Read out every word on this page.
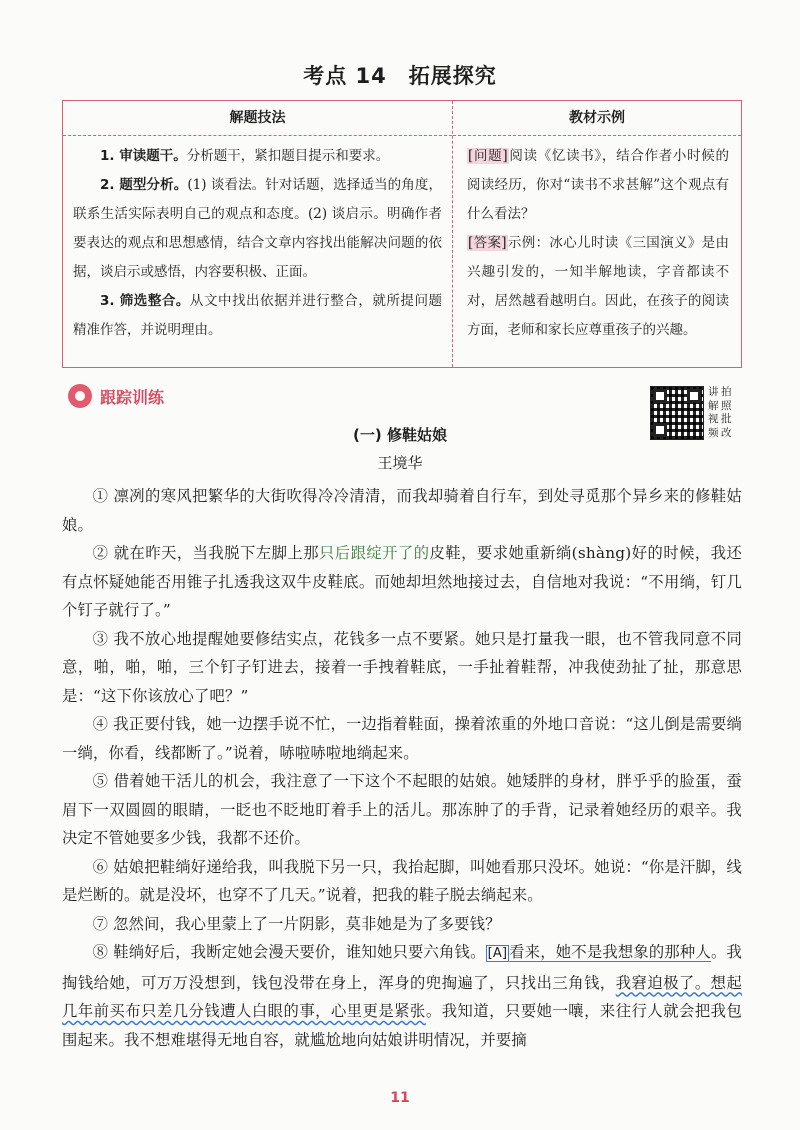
考点 14　拓展探究
解题技法

1. 审读题干。分析题干，紧扣题目提示和要求。

2. 题型分析。(1) 谈看法。针对话题，选择适当的角度，联系生活实际表明自己的观点和态度。(2) 谈启示。明确作者要表达的观点和思想感情，结合文章内容找出能解决问题的依据，谈启示或感悟，内容要积极、正面。

3. 筛选整合。从文中找出依据并进行整合，就所提问题精准作答，并说明理由。

教材示例

[问题]阅读《忆读书》，结合作者小时候的阅读经历，你对“读书不求甚解”这个观点有什么看法？

[答案]示例：冰心儿时读《三国演义》是由兴趣引发的，一知半解地读，字音都读不对，居然越看越明白。因此，在孩子的阅读方面，老师和家长应尊重孩子的兴趣。

跟踪训练	讲 拍
解 照
视 批
频 改
(一) 修鞋姑娘
王境华

① 凛冽的寒风把繁华的大街吹得冷冷清清，而我却骑着自行车，到处寻觅那个异乡来的修鞋姑娘。

② 就在昨天，当我脱下左脚上那只后跟绽开了的皮鞋，要求她重新绱(shàng)好的时候，我还有点怀疑她能否用锥子扎透我这双牛皮鞋底。而她却坦然地接过去，自信地对我说：“不用绱，钉几个钉子就行了。”

③ 我不放心地提醒她要修结实点，花钱多一点不要紧。她只是打量我一眼，也不管我同意不同意，啪，啪，啪，三个钉子钉进去，接着一手拽着鞋底，一手扯着鞋帮，冲我使劲扯了扯，那意思是：“这下你该放心了吧？”

④ 我正要付钱，她一边摆手说不忙，一边指着鞋面，操着浓重的外地口音说：“这儿倒是需要绱一绱，你看，线都断了。”说着，哧啦哧啦地绱起来。

⑤ 借着她干活儿的机会，我注意了一下这个不起眼的姑娘。她矮胖的身材，胖乎乎的脸蛋，蚕眉下一双圆圆的眼睛，一眨也不眨地盯着手上的活儿。那冻肿了的手背，记录着她经历的艰辛。我决定不管她要多少钱，我都不还价。

⑥ 姑娘把鞋绱好递给我，叫我脱下另一只，我抬起脚，叫她看那只没坏。她说：“你是汗脚，线是烂断的。就是没坏，也穿不了几天。”说着，把我的鞋子脱去绱起来。

⑦ 忽然间，我心里蒙上了一片阴影，莫非她是为了多要钱？

⑧ 鞋绱好后，我断定她会漫天要价，谁知她只要六角钱。 [A] 看来，她不是我想象的那种人。我掏钱给她，可万万没想到，钱包没带在身上，浑身的兜掏遍了，只找出三角钱，我窘迫极了。想起几年前买布只差几分钱遭人白眼的事，心里更是紧张。我知道，只要她一嚷，来往行人就会把我包围起来。我不想难堪得无地自容，就尴尬地向姑娘讲明情况，并要摘

11
